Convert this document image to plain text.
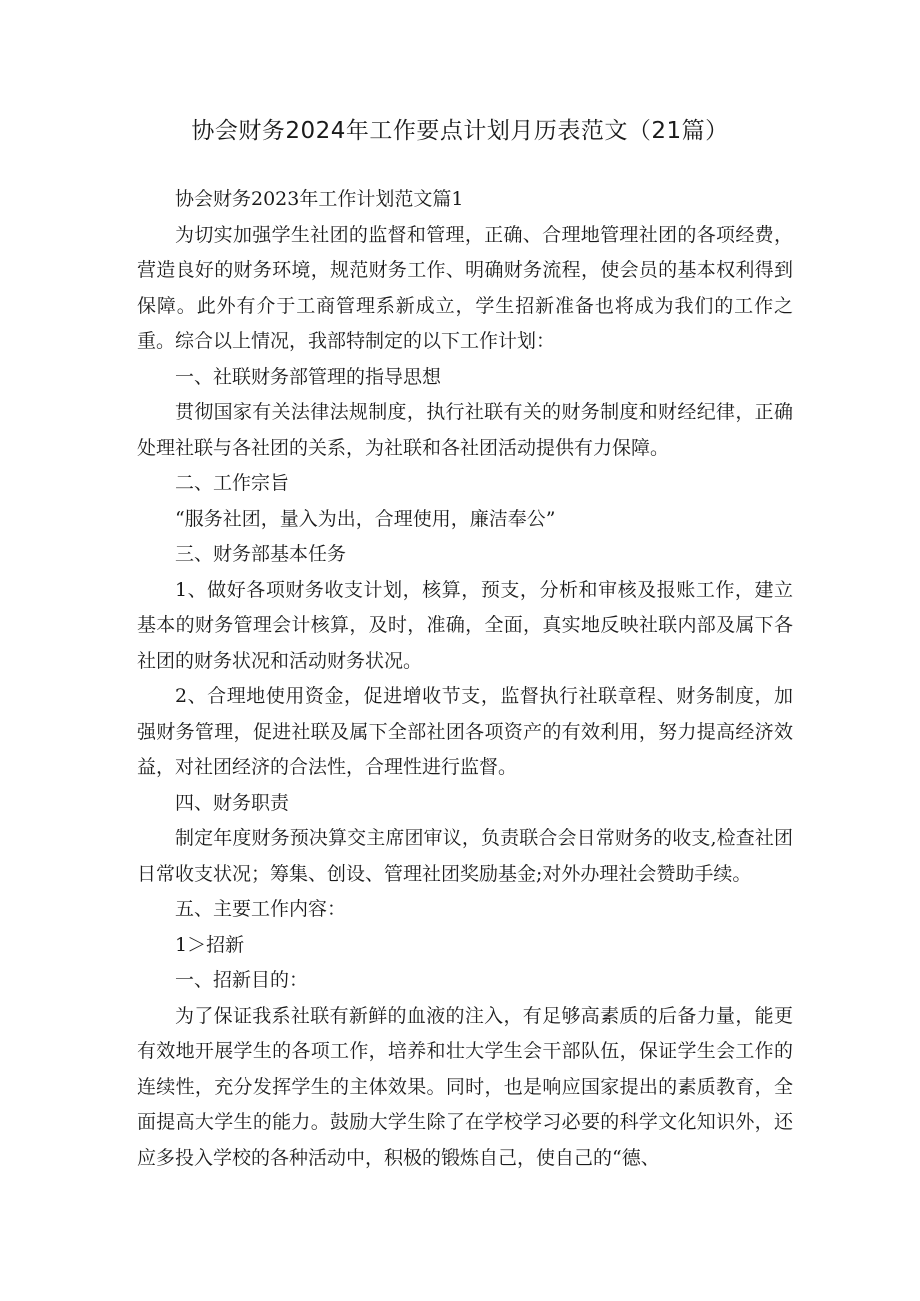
协会财务2024年工作要点计划月历表范文（21篇）

协会财务2023年工作计划范文篇1

为切实加强学生社团的监督和管理，正确、合理地管理社团的各项经费，营造良好的财务环境，规范财务工作、明确财务流程，使会员的基本权利得到保障。此外有介于工商管理系新成立，学生招新准备也将成为我们的工作之重。综合以上情况，我部特制定的以下工作计划：

一、社联财务部管理的指导思想

贯彻国家有关法律法规制度，执行社联有关的财务制度和财经纪律，正确处理社联与各社团的关系，为社联和各社团活动提供有力保障。

二、工作宗旨

“服务社团，量入为出，合理使用，廉洁奉公”

三、财务部基本任务

1、做好各项财务收支计划，核算，预支，分析和审核及报账工作，建立基本的财务管理会计核算，及时，准确，全面，真实地反映社联内部及属下各社团的财务状况和活动财务状况。

2、合理地使用资金，促进增收节支，监督执行社联章程、财务制度，加强财务管理，促进社联及属下全部社团各项资产的有效利用，努力提高经济效益，对社团经济的合法性，合理性进行监督。

四、财务职责

制定年度财务预决算交主席团审议，负责联合会日常财务的收支,检查社团日常收支状况；筹集、创设、管理社团奖励基金;对外办理社会赞助手续。

五、主要工作内容：

1＞招新

一、招新目的：

为了保证我系社联有新鲜的血液的注入，有足够高素质的后备力量，能更有效地开展学生的各项工作，培养和壮大学生会干部队伍，保证学生会工作的连续性，充分发挥学生的主体效果。同时，也是响应国家提出的素质教育，全面提高大学生的能力。鼓励大学生除了在学校学习必要的科学文化知识外，还应多投入学校的各种活动中，积极的锻炼自己，使自己的“德、
